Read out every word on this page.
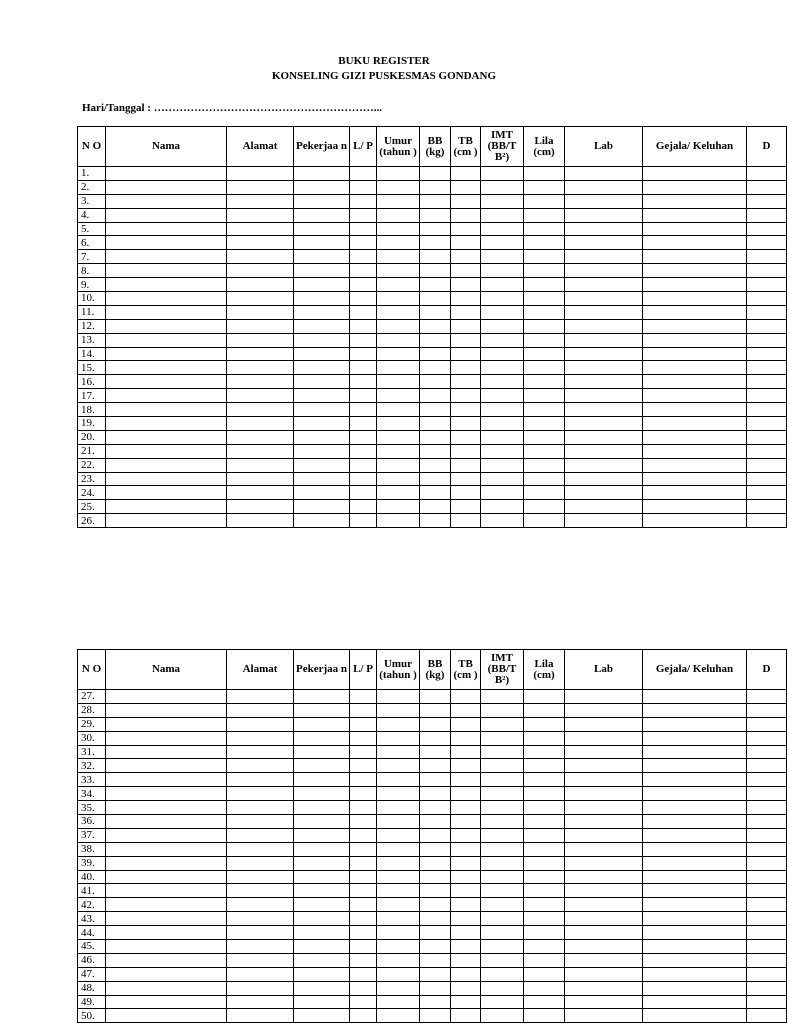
BUKU REGISTER
KONSELING GIZI PUSKESMAS GONDANG
Hari/Tanggal : ……………………………………………………...
N O	Nama	Alamat	Pekerjaa n	L/ P	Umur (tahun )	BB (kg)	TB (cm )	IMT (BB/T B²)	Lila (cm)	Lab	Gejala/ Keluhan	D
1.												
2.												
3.												
4.												
5.												
6.												
7.												
8.												
9.												
10.												
11.												
12.												
13.												
14.												
15.												
16.												
17.												
18.												
19.												
20.												
21.												
22.												
23.												
24.												
25.												
26.												
N O	Nama	Alamat	Pekerjaa n	L/ P	Umur (tahun )	BB (kg)	TB (cm )	IMT (BB/T B²)	Lila (cm)	Lab	Gejala/ Keluhan	D
27.												
28.												
29.												
30.												
31.												
32.												
33.												
34.												
35.												
36.												
37.												
38.												
39.												
40.												
41.												
42.												
43.												
44.												
45.												
46.												
47.												
48.												
49.												
50.												
